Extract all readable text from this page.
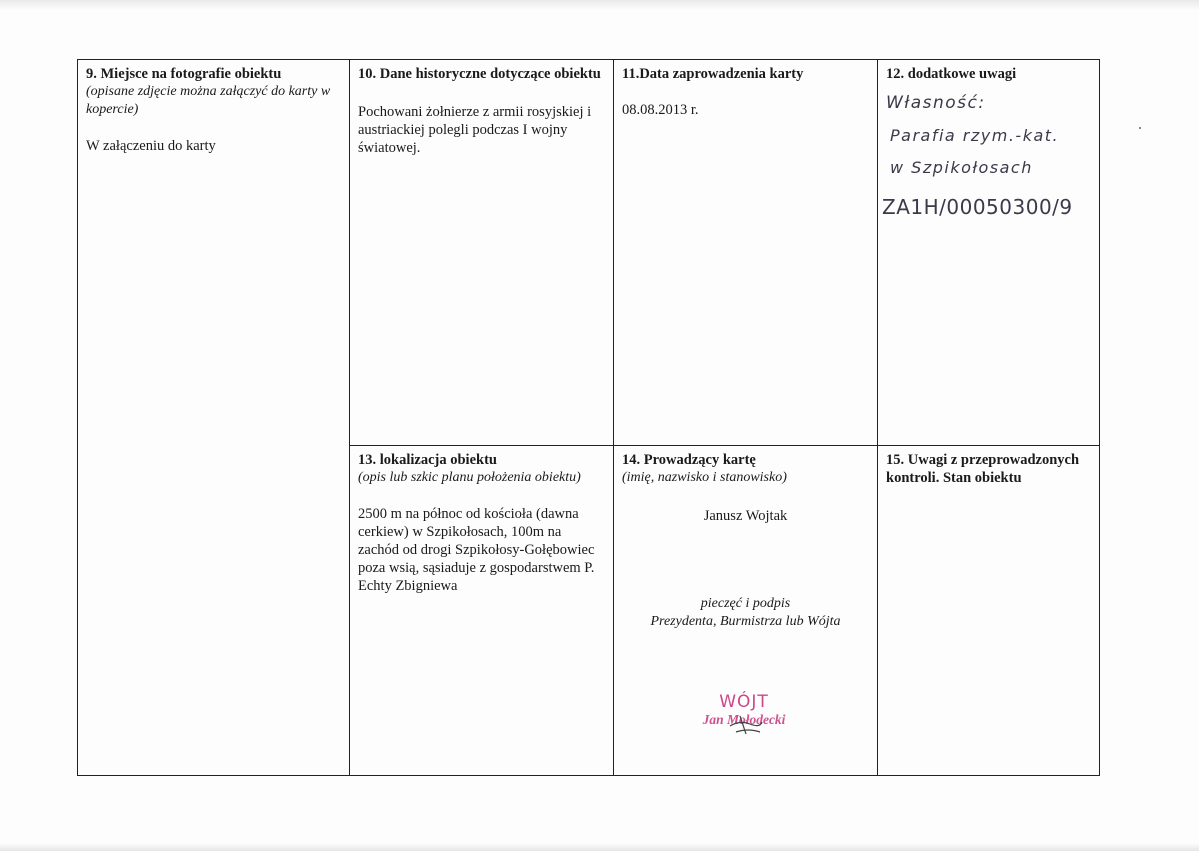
9. Miejsce na fotografie obiektu
(opisane zdjęcie można załączyć do karty w kopercie)
W załączeniu do karty
10. Dane historyczne dotyczące obiektu
Pochowani żołnierze z armii rosyjskiej i austriackiej polegli podczas I wojny światowej.
11.Data zaprowadzenia karty
08.08.2013 r.
12. dodatkowe uwagi
Własność:
Parafia rzym.-kat.
w Szpikołosach
ZA1H/00050300/9
13. lokalizacja obiektu
(opis lub szkic planu położenia obiektu)
2500 m na północ od kościoła (dawna cerkiew) w Szpikołosach, 100m na zachód od drogi Szpikołosy-Gołębowiec poza wsią, sąsiaduje z gospodarstwem P. Echty Zbigniewa
14. Prowadzący kartę
(imię, nazwisko i stanowisko)
Janusz Wojtak
pieczęć i podpis
Prezydenta, Burmistrza lub Wójta
WÓJT
Jan Mołodecki
15. Uwagi z przeprowadzonych kontroli. Stan obiektu
